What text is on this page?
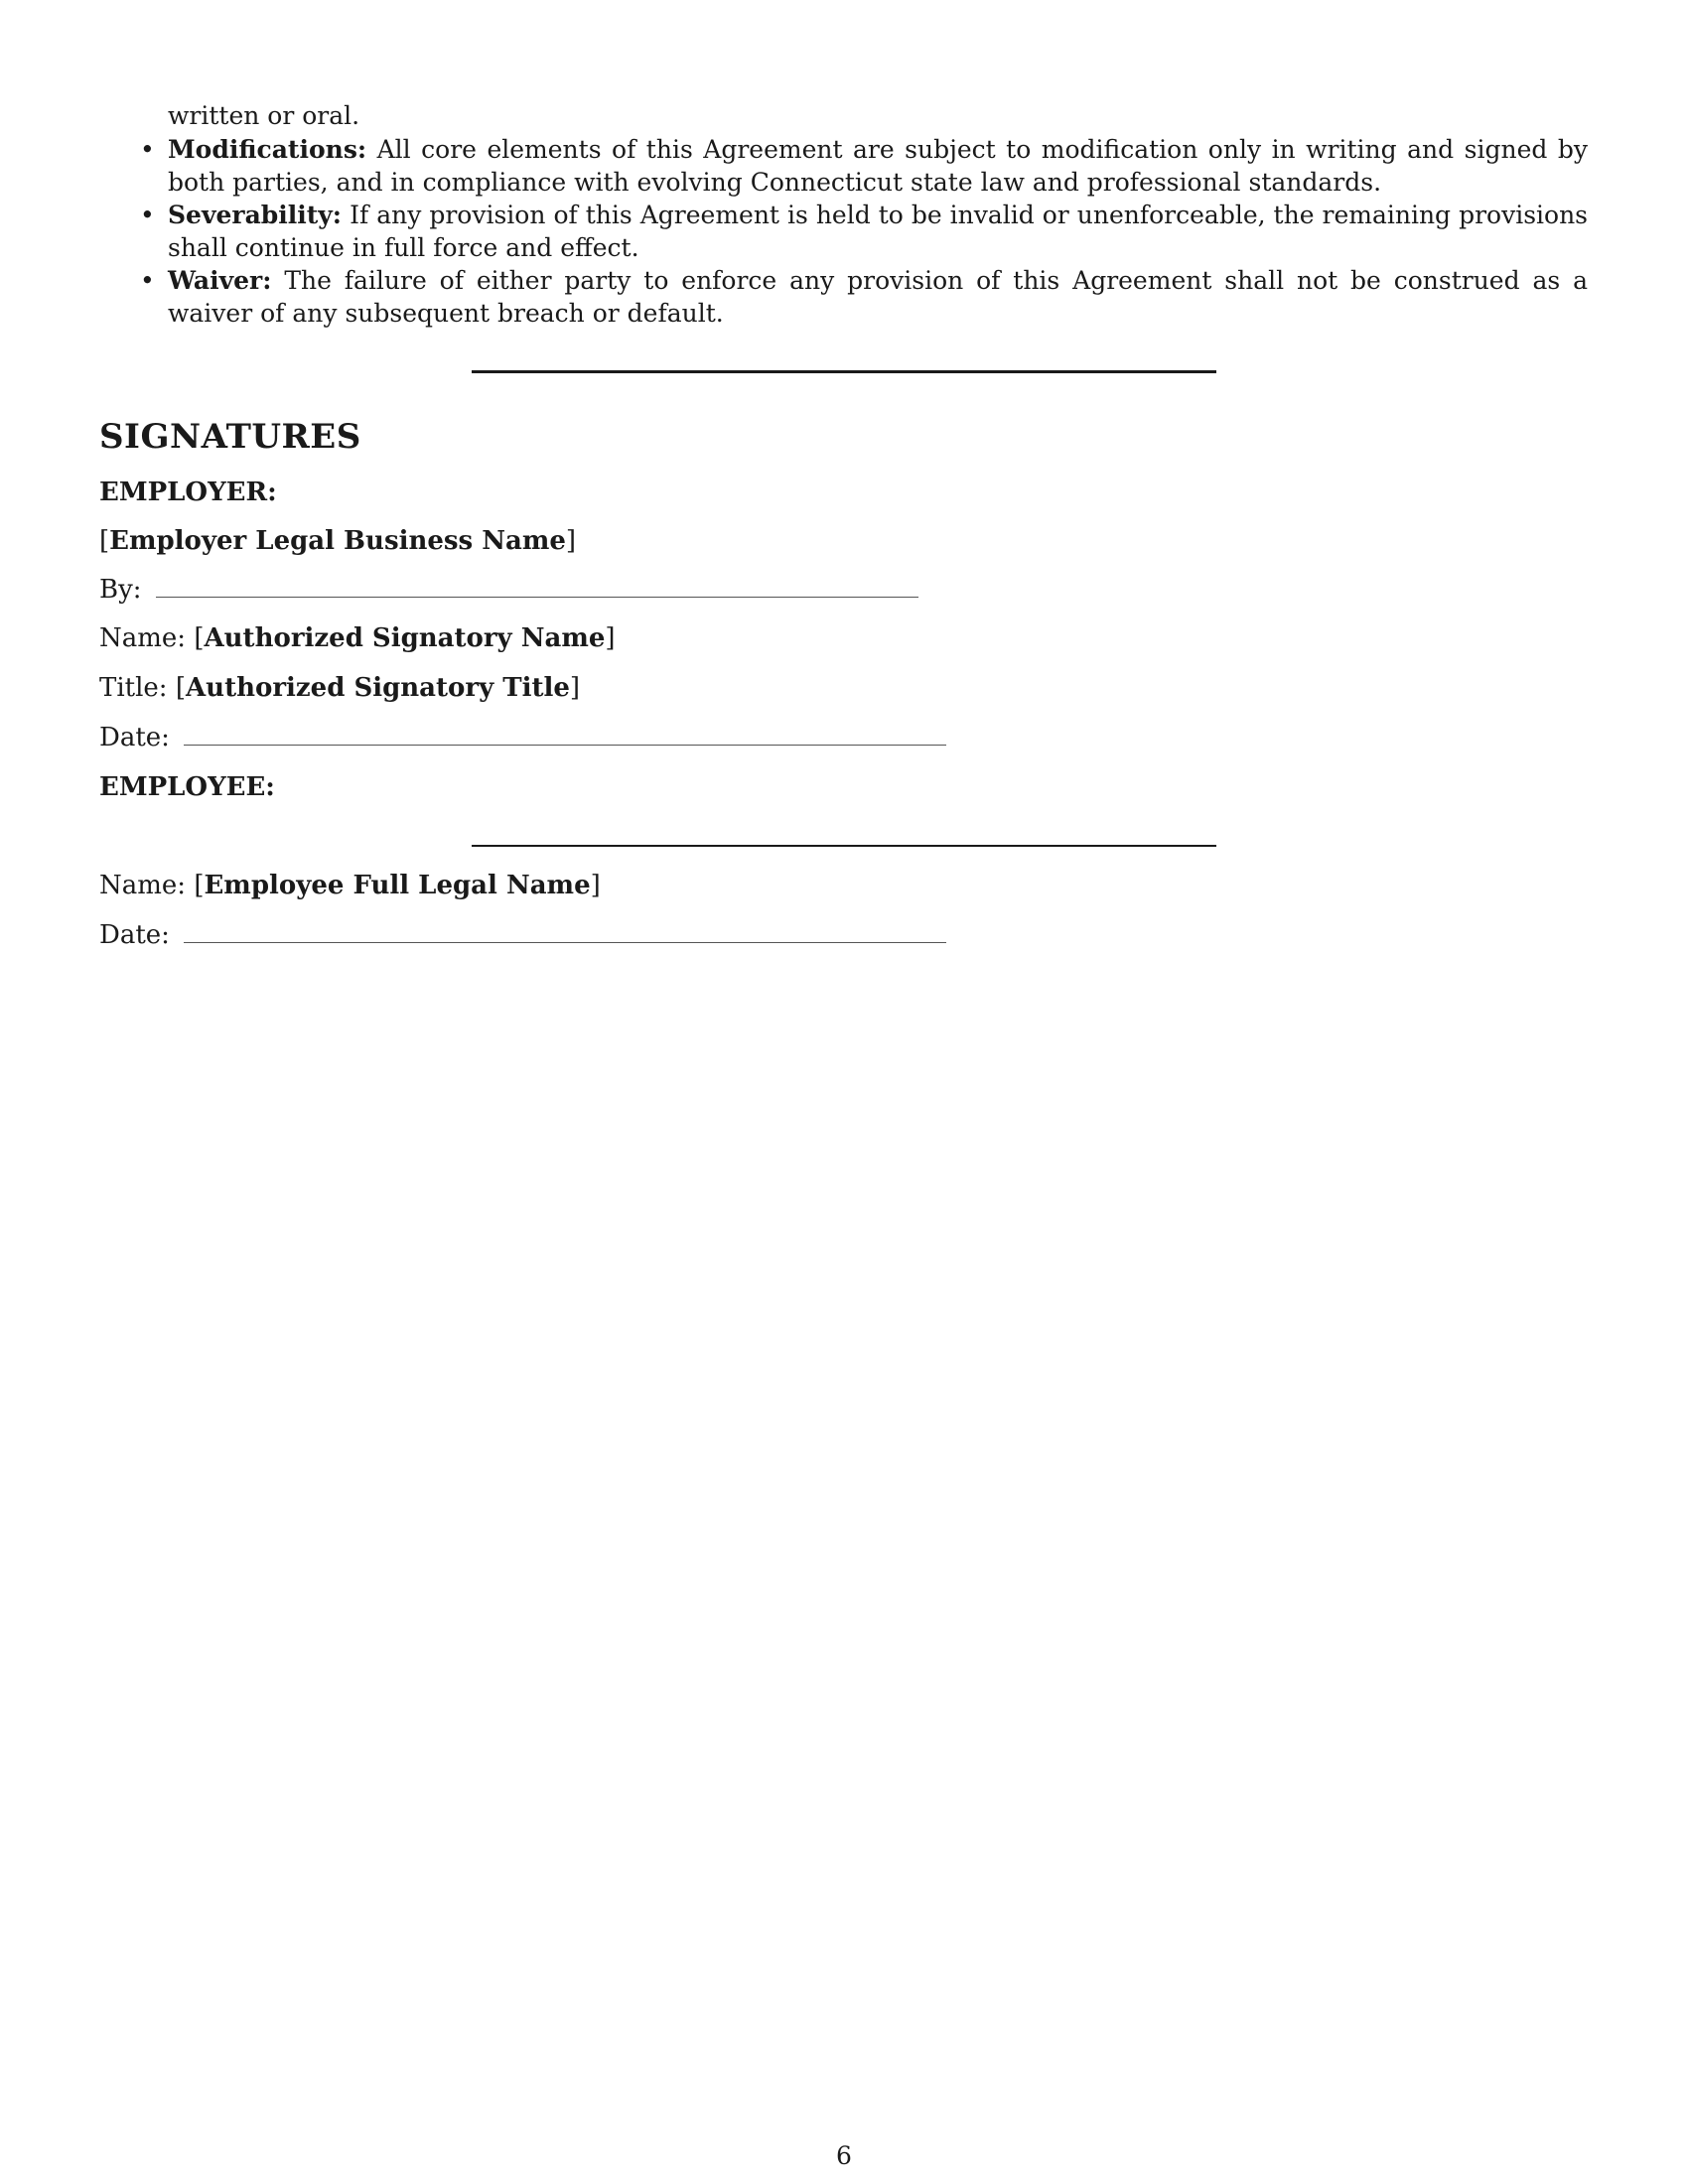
written or oral.
• Modifications: All core elements of this Agreement are subject to modification only in writing and signed by both parties, and in compliance with evolving Connecticut state law and professional standards.
• Severability: If any provision of this Agreement is held to be invalid or unenforceable, the remaining provisions shall continue in full force and effect.
• Waiver: The failure of either party to enforce any provision of this Agreement shall not be construed as a waiver of any subsequent breach or default.
SIGNATURES
EMPLOYER:
[Employer Legal Business Name]
By:
Name: [Authorized Signatory Name]
Title: [Authorized Signatory Title]
Date:
EMPLOYEE:
Name: [Employee Full Legal Name]
Date:
6
